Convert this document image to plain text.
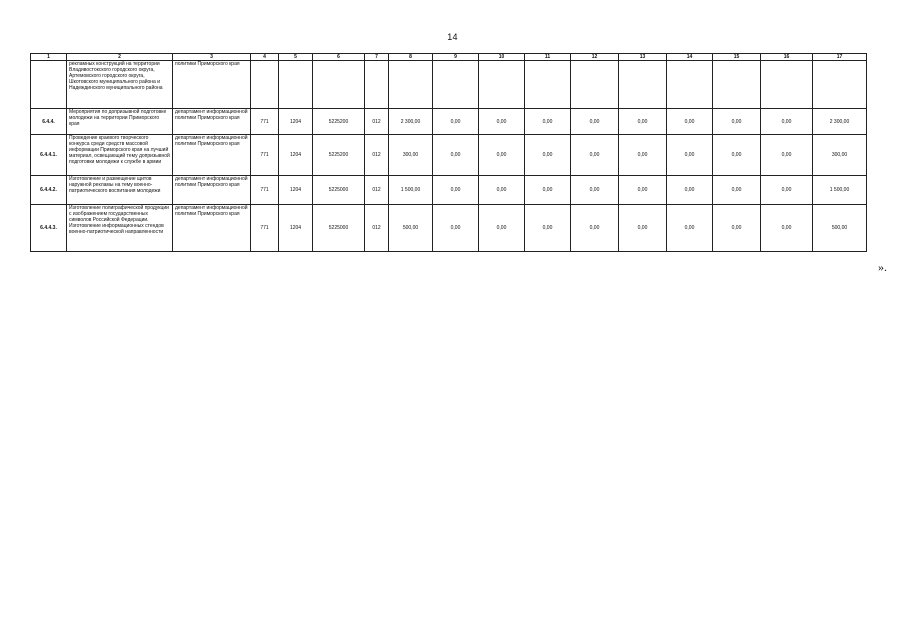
14
1	2	3	4	5	6	7	8	9	10	11	12	13	14	15	16	17
	рекламных конструкций на территории Владивостокского городского округа, Артемовского городского округа, Шкотовского муниципального района и Надеждинского муниципального района	политики Приморского края														
6.4.4.	Мероприятия по допризывной подготовке молодежи на территории Приморского края	департамент информационной политики Приморского края	771	1204	5225200	012	2 300,00	0,00	0,00	0,00	0,00	0,00	0,00	0,00	0,00	2 300,00
6.4.4.1.	Проведение краевого творческого конкурса среди средств массовой информации Приморского края на лучший материал, освещающий тему допризывной подготовки молодежи к службе в армии	департамент информационной политики Приморского края	771	1204	5225200	012	300,00	0,00	0,00	0,00	0,00	0,00	0,00	0,00	0,00	300,00
6.4.4.2.	Изготовление и размещение щитов наружной рекламы на тему военно-патриотического воспитания молодежи	департамент информационной политики Приморского края	771	1204	5225000	012	1 500,00	0,00	0,00	0,00	0,00	0,00	0,00	0,00	0,00	1 500,00
6.4.4.3.	Изготовление полиграфической продукции с изображением государственных символов Российской Федерации. Изготовление информационных стендов военно-патриотической направленности	департамент информационной политики Приморского края	771	1204	5225000	012	500,00	0,00	0,00	0,00	0,00	0,00	0,00	0,00	0,00	500,00
».
